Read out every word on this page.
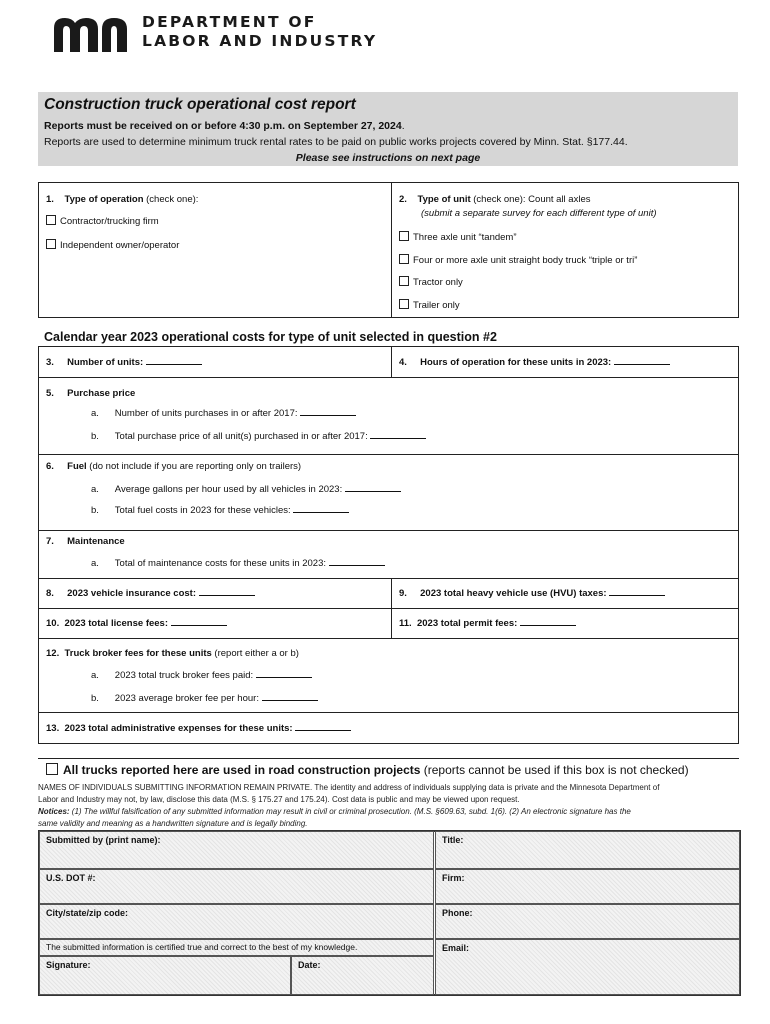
DEPARTMENT OF
LABOR AND INDUSTRY
Construction truck operational cost report
Reports must be received on or before 4:30 p.m. on September 27, 2024.
Reports are used to determine minimum truck rental rates to be paid on public works projects covered by Minn. Stat. §177.44.
Please see instructions on next page
1. Type of operation (check one):
Contractor/trucking firm
Independent owner/operator
2. Type of unit (check one): Count all axles
(submit a separate survey for each different type of unit)
Three axle unit “tandem”
Four or more axle unit straight body truck “triple or tri”
Tractor only
Trailer only
Calendar year 2023 operational costs for type of unit selected in question #2
3. Number of units:	4. Hours of operation for these units in 2023:
5. Purchase price
a. Number of units purchases in or after 2017:
b. Total purchase price of all unit(s) purchased in or after 2017:
6. Fuel (do not include if you are reporting only on trailers)
a. Average gallons per hour used by all vehicles in 2023:
b. Total fuel costs in 2023 for these vehicles:
7. Maintenance
a. Total of maintenance costs for these units in 2023:
8. 2023 vehicle insurance cost:	9. 2023 total heavy vehicle use (HVU) taxes:
10. 2023 total license fees:	11. 2023 total permit fees:
12. Truck broker fees for these units (report either a or b)
a. 2023 total truck broker fees paid:
b. 2023 average broker fee per hour:
13. 2023 total administrative expenses for these units:
All trucks reported here are used in road construction projects (reports cannot be used if this box is not checked)
NAMES OF INDIVIDUALS SUBMITTING INFORMATION REMAIN PRIVATE. The identity and address of individuals supplying data is private and the Minnesota Department of
Labor and Industry may not, by law, disclose this data (M.S. § 175.27 and 175.24). Cost data is public and may be viewed upon request.
Notices: (1) The willful falsification of any submitted information may result in civil or criminal prosecution. (M.S. §609.63, subd. 1(6). (2) An electronic signature has the
same validity and meaning as a handwritten signature and is legally binding.
Submitted by (print name):	Title:
U.S. DOT #:	Firm:
City/state/zip code:	Phone:
The submitted information is certified true and correct to the best of my knowledge.	Email:
Signature:	Date:
